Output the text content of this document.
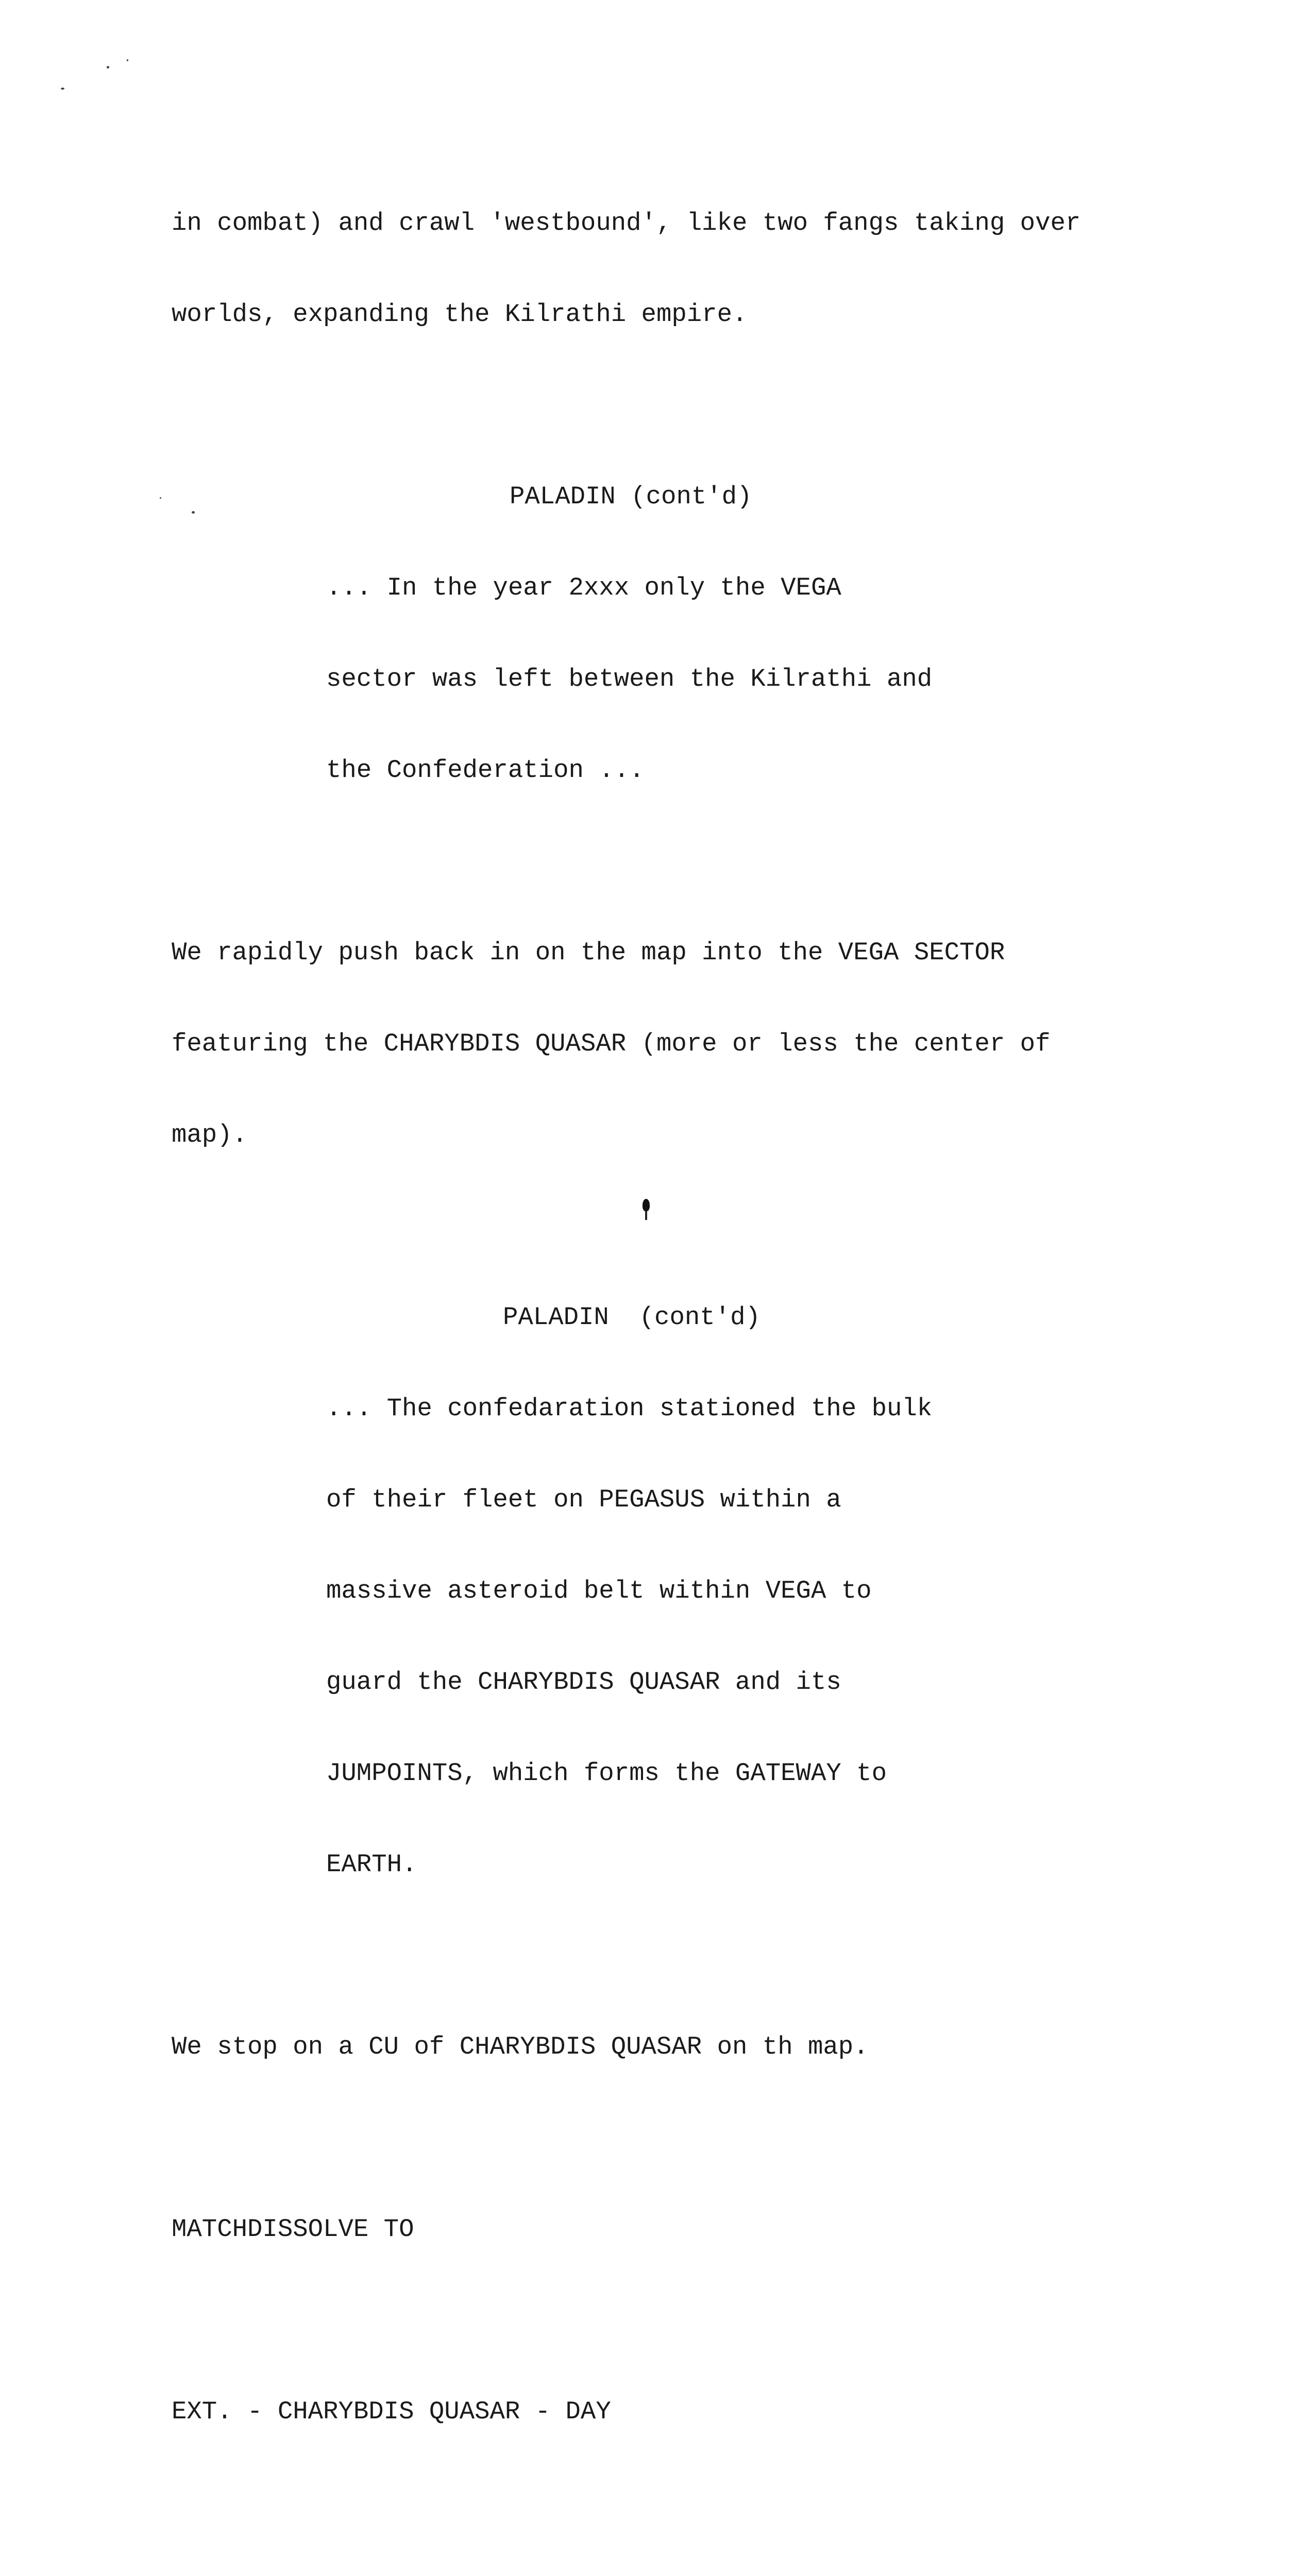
in combat) and crawl 'westbound', like two fangs taking over

worlds, expanding the Kilrathi empire.

PALADIN (cont'd)

... In the year 2xxx only the VEGA

sector was left between the Kilrathi and

the Confederation ...

We rapidly push back in on the map into the VEGA SECTOR

featuring the CHARYBDIS QUASAR (more or less the center of

map).

PALADIN  (cont'd)

... The confedaration stationed the bulk

of their fleet on PEGASUS within a

massive asteroid belt within VEGA to

guard the CHARYBDIS QUASAR and its

JUMPOINTS, which forms the GATEWAY to

EARTH.

We stop on a CU of CHARYBDIS QUASAR on th map.

MATCHDISSOLVE TO

EXT. - CHARYBDIS QUASAR - DAY
